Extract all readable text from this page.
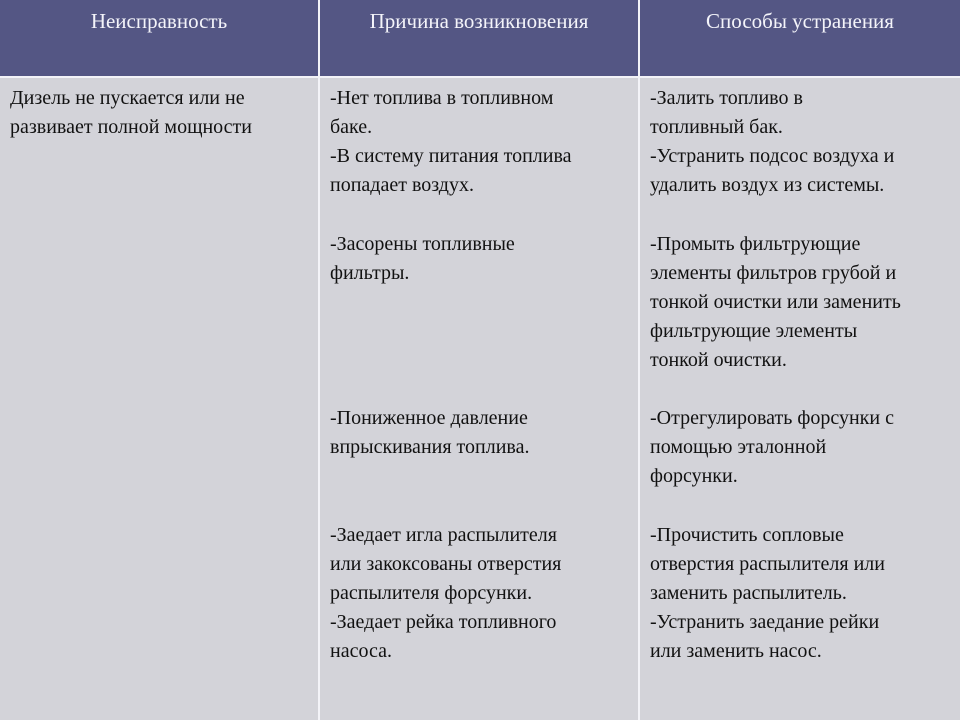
Неисправность	Причина возникновения	Способы устранения
Дизель не пускается или не
развивает полной мощности
-Нет топлива в топливном
баке.
-В систему питания топлива
попадает воздух.
-Засорены топливные
фильтры.
-Пониженное давление
впрыскивания топлива.
-Заедает игла распылителя
или закоксованы отверстия
распылителя форсунки.
-Заедает рейка топливного
насоса.
-Залить топливо в
топливный бак.
-Устранить подсос воздуха и
удалить воздух из системы.
-Промыть фильтрующие
элементы фильтров грубой и
тонкой очистки или заменить
фильтрующие элементы
тонкой очистки.
-Отрегулировать форсунки с
помощью эталонной
форсунки.
-Прочистить сопловые
отверстия распылителя или
заменить распылитель.
-Устранить заедание рейки
или заменить насос.
